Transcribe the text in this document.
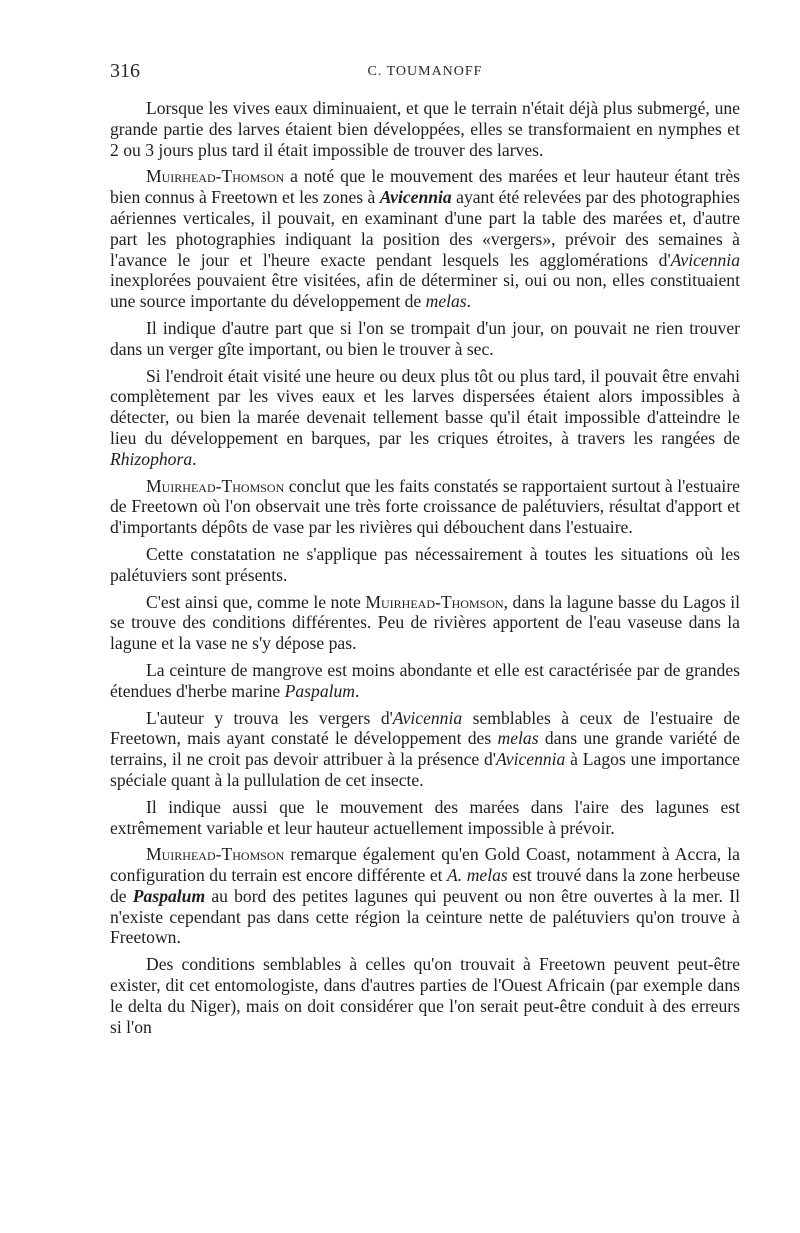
316	C. TOUMANOFF

Lorsque les vives eaux diminuaient, et que le terrain n'était déjà plus submergé, une grande partie des larves étaient bien développées, elles se transformaient en nymphes et 2 ou 3 jours plus tard il était impossible de trouver des larves.

Muirhead-Thomson a noté que le mouvement des marées et leur hauteur étant très bien connus à Freetown et les zones à Avicennia ayant été relevées par des photographies aériennes verticales, il pouvait, en examinant d'une part la table des marées et, d'autre part les photographies indiquant la position des «vergers», prévoir des semaines à l'avance le jour et l'heure exacte pendant lesquels les agglomérations d'Avicennia inexplorées pouvaient être visitées, afin de déterminer si, oui ou non, elles constituaient une source importante du développement de melas.

Il indique d'autre part que si l'on se trompait d'un jour, on pouvait ne rien trouver dans un verger gîte important, ou bien le trouver à sec.

Si l'endroit était visité une heure ou deux plus tôt ou plus tard, il pouvait être envahi complètement par les vives eaux et les larves dispersées étaient alors impossibles à détecter, ou bien la marée devenait tellement basse qu'il était impossible d'atteindre le lieu du développement en barques, par les criques étroites, à travers les rangées de Rhizophora.

Muirhead-Thomson conclut que les faits constatés se rapportaient surtout à l'estuaire de Freetown où l'on observait une très forte croissance de palétuviers, résultat d'apport et d'importants dépôts de vase par les rivières qui débouchent dans l'estuaire.

Cette constatation ne s'applique pas nécessairement à toutes les situations où les palétuviers sont présents.

C'est ainsi que, comme le note Muirhead-Thomson, dans la lagune basse du Lagos il se trouve des conditions différentes. Peu de rivières apportent de l'eau vaseuse dans la lagune et la vase ne s'y dépose pas.

La ceinture de mangrove est moins abondante et elle est caractérisée par de grandes étendues d'herbe marine Paspalum.

L'auteur y trouva les vergers d'Avicennia semblables à ceux de l'estuaire de Freetown, mais ayant constaté le développement des melas dans une grande variété de terrains, il ne croit pas devoir attribuer à la présence d'Avicennia à Lagos une importance spéciale quant à la pullulation de cet insecte.

Il indique aussi que le mouvement des marées dans l'aire des lagunes est extrêmement variable et leur hauteur actuellement impossible à prévoir.

Muirhead-Thomson remarque également qu'en Gold Coast, notamment à Accra, la configuration du terrain est encore différente et A. melas est trouvé dans la zone herbeuse de Paspalum au bord des petites lagunes qui peuvent ou non être ouvertes à la mer. Il n'existe cependant pas dans cette région la ceinture nette de palétuviers qu'on trouve à Freetown.

Des conditions semblables à celles qu'on trouvait à Freetown peuvent peut-être exister, dit cet entomologiste, dans d'autres parties de l'Ouest Africain (par exemple dans le delta du Niger), mais on doit considérer que l'on serait peut-être conduit à des erreurs si l'on
